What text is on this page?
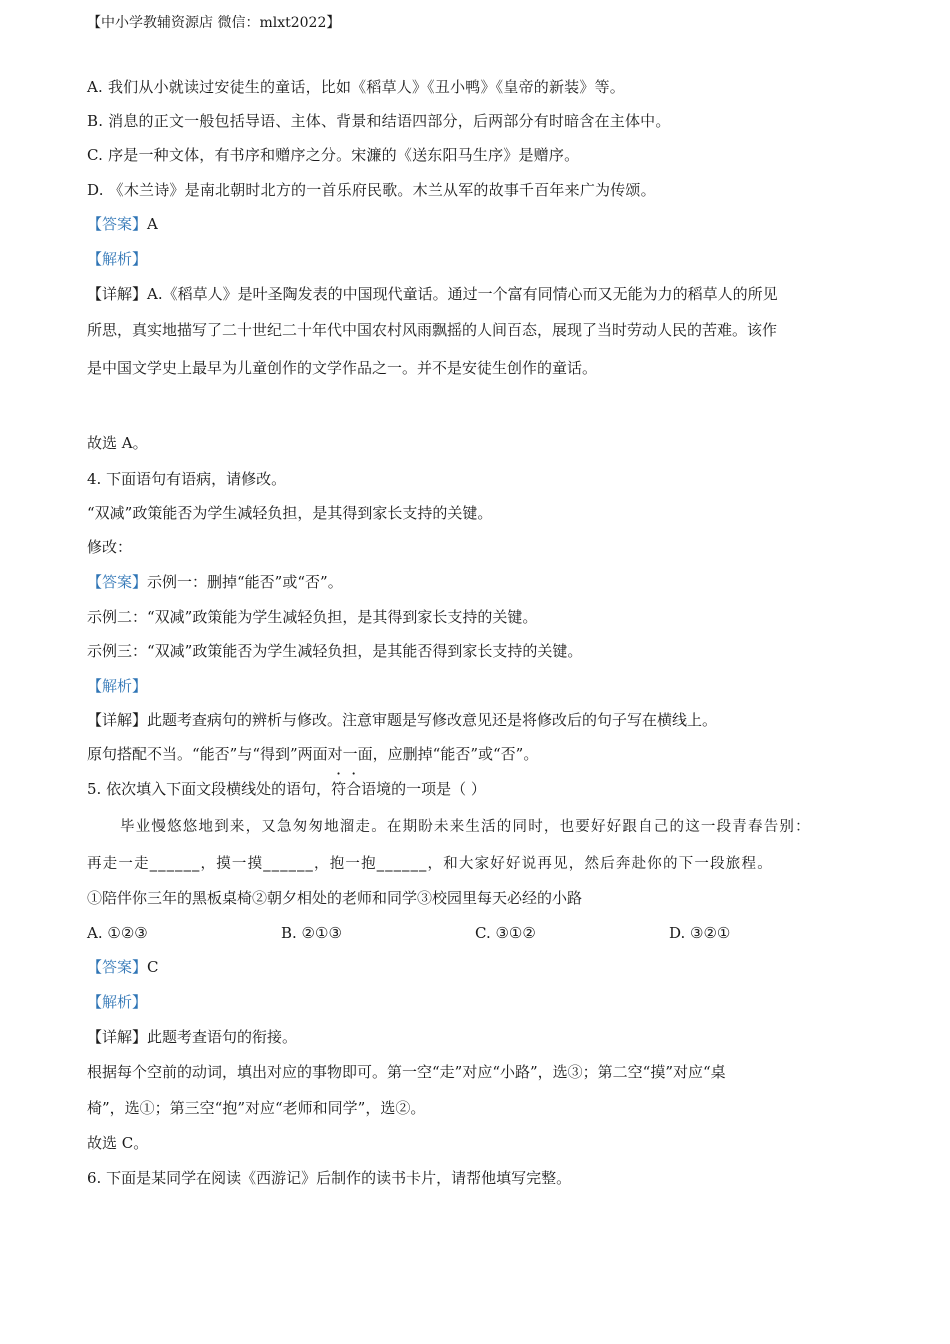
【中小学教辅资源店 微信：mlxt2022】
A. 我们从小就读过安徒生的童话，比如《稻草人》《丑小鸭》《皇帝的新装》等。
B. 消息的正文一般包括导语、主体、背景和结语四部分，后两部分有时暗含在主体中。
C. 序是一种文体，有书序和赠序之分。宋濂的《送东阳马生序》是赠序。
D. 《木兰诗》是南北朝时北方的一首乐府民歌。木兰从军的故事千百年来广为传颂。
【答案】A
【解析】
【详解】A.《稻草人》是叶圣陶发表的中国现代童话。通过一个富有同情心而又无能为力的稻草人的所见
所思，真实地描写了二十世纪二十年代中国农村风雨飘摇的人间百态，展现了当时劳动人民的苦难。该作
是中国文学史上最早为儿童创作的文学作品之一。并不是安徒生创作的童话。
故选 A。
4. 下面语句有语病，请修改。
“双减”政策能否为学生减轻负担，是其得到家长支持的关键。
修改：
【答案】示例一：删掉“能否”或“否”。
示例二：“双减”政策能为学生减轻负担，是其得到家长支持的关键。
示例三：“双减”政策能否为学生减轻负担，是其能否得到家长支持的关键。
【解析】
【详解】此题考查病句的辨析与修改。注意审题是写修改意见还是将修改后的句子写在横线上。
原句搭配不当。“能否”与“得到”两面对一面，应删掉“能否”或“否”。
5. 依次填入下面文段横线处的语句，符合语境的一项是（ ）
毕业慢悠悠地到来，又急匆匆地溜走。在期盼未来生活的同时，也要好好跟自己的这一段青春告别：
再走一走______，摸一摸______，抱一抱______，和大家好好说再见，然后奔赴你的下一段旅程。
①陪伴你三年的黑板桌椅②朝夕相处的老师和同学③校园里每天必经的小路
A. ①②③	B. ②①③	C. ③①②	D. ③②①
【答案】C
【解析】
【详解】此题考查语句的衔接。
根据每个空前的动词，填出对应的事物即可。第一空“走”对应“小路”，选③；第二空“摸”对应“桌
椅”，选①；第三空“抱”对应“老师和同学”，选②。
故选 C。
6. 下面是某同学在阅读《西游记》后制作的读书卡片，请帮他填写完整。
